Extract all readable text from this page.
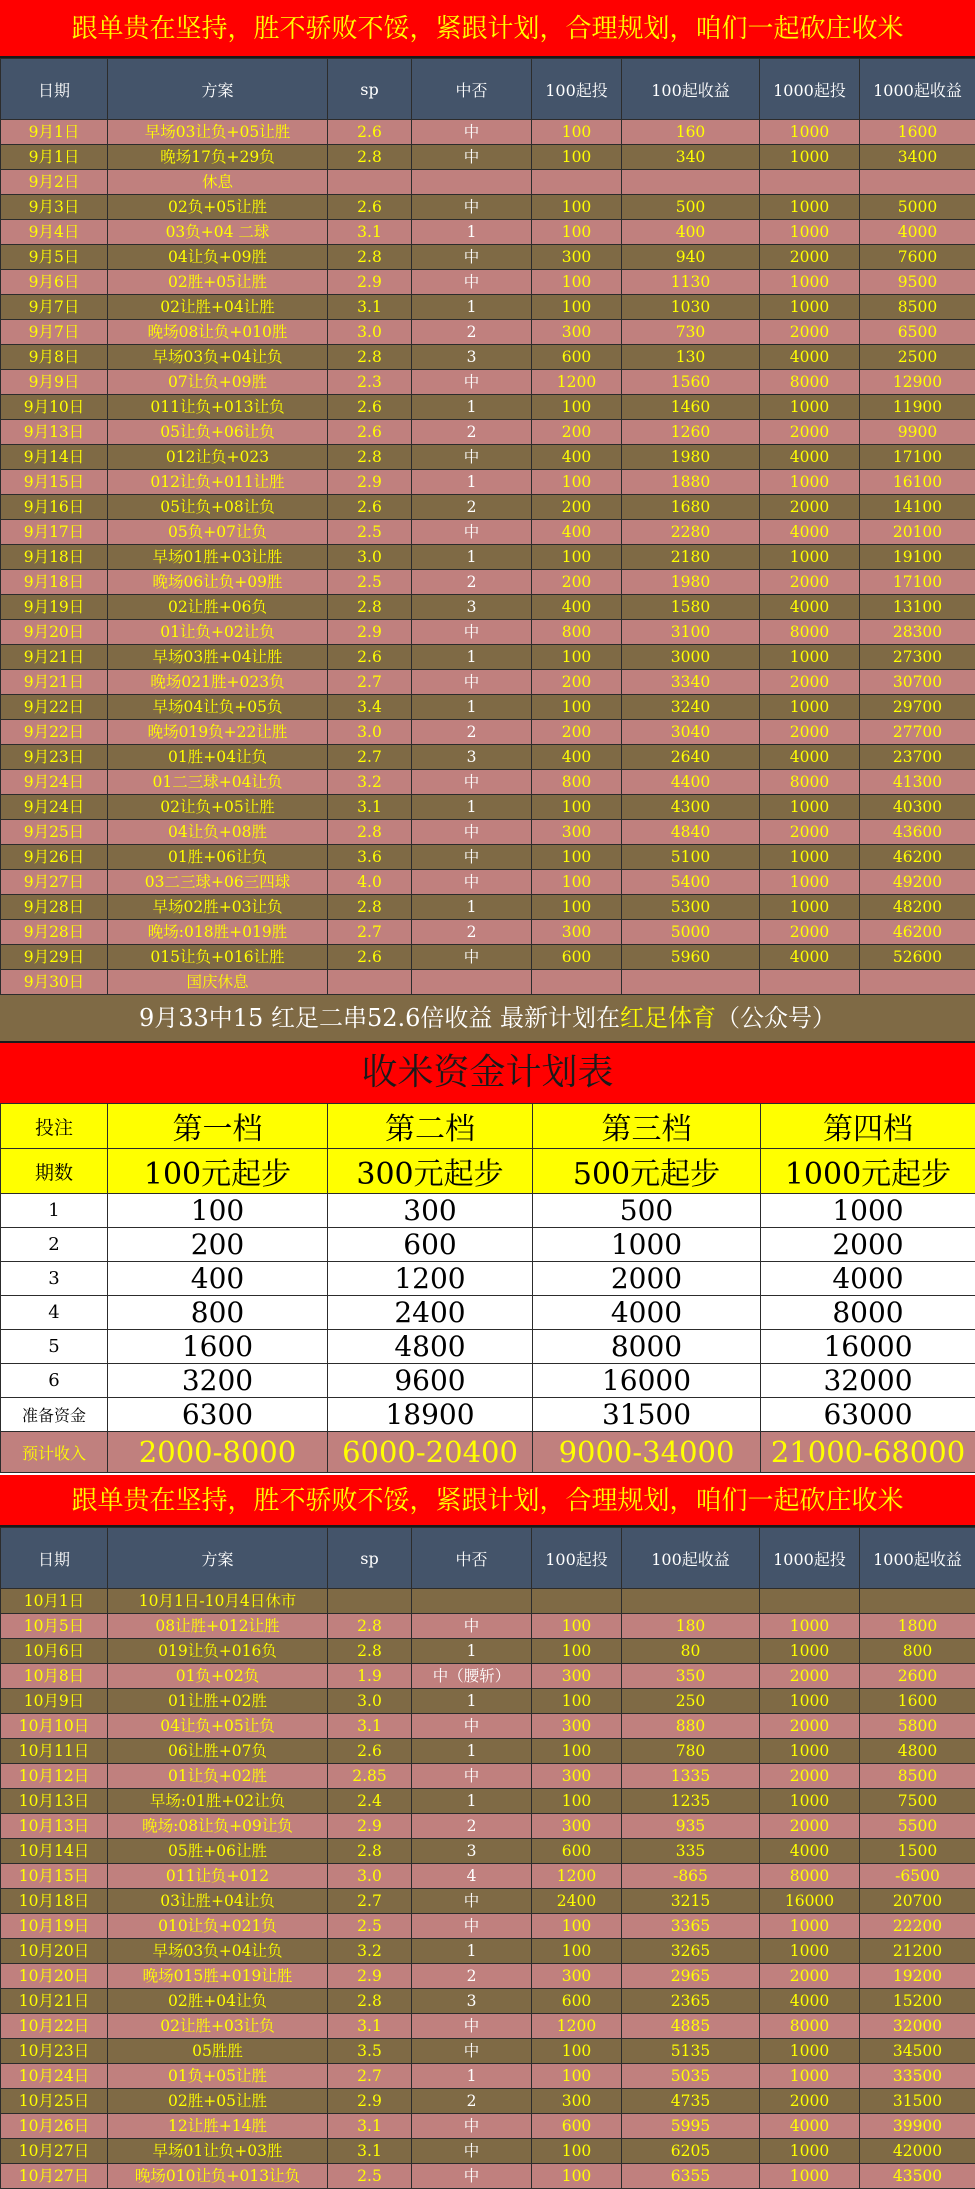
跟单贵在坚持，胜不骄败不馁，紧跟计划，合理规划，咱们一起砍庄收米
日期	方案	sp	中否	100起投	100起收益	1000起投	1000起收益
9月1日	早场03让负+05让胜	2.6	中	100	160	1000	1600
9月1日	晚场17负+29负	2.8	中	100	340	1000	3400
9月2日	休息						
9月3日	02负+05让胜	2.6	中	100	500	1000	5000
9月4日	03负+04 二球	3.1	1	100	400	1000	4000
9月5日	04让负+09胜	2.8	中	300	940	2000	7600
9月6日	02胜+05让胜	2.9	中	100	1130	1000	9500
9月7日	02让胜+04让胜	3.1	1	100	1030	1000	8500
9月7日	晚场08让负+010胜	3.0	2	300	730	2000	6500
9月8日	早场03负+04让负	2.8	3	600	130	4000	2500
9月9日	07让负+09胜	2.3	中	1200	1560	8000	12900
9月10日	011让负+013让负	2.6	1	100	1460	1000	11900
9月13日	05让负+06让负	2.6	2	200	1260	2000	9900
9月14日	012让负+023	2.8	中	400	1980	4000	17100
9月15日	012让负+011让胜	2.9	1	100	1880	1000	16100
9月16日	05让负+08让负	2.6	2	200	1680	2000	14100
9月17日	05负+07让负	2.5	中	400	2280	4000	20100
9月18日	早场01胜+03让胜	3.0	1	100	2180	1000	19100
9月18日	晚场06让负+09胜	2.5	2	200	1980	2000	17100
9月19日	02让胜+06负	2.8	3	400	1580	4000	13100
9月20日	01让负+02让负	2.9	中	800	3100	8000	28300
9月21日	早场03胜+04让胜	2.6	1	100	3000	1000	27300
9月21日	晚场021胜+023负	2.7	中	200	3340	2000	30700
9月22日	早场04让负+05负	3.4	1	100	3240	1000	29700
9月22日	晚场019负+22让胜	3.0	2	200	3040	2000	27700
9月23日	01胜+04让负	2.7	3	400	2640	4000	23700
9月24日	01二三球+04让负	3.2	中	800	4400	8000	41300
9月24日	02让负+05让胜	3.1	1	100	4300	1000	40300
9月25日	04让负+08胜	2.8	中	300	4840	2000	43600
9月26日	01胜+06让负	3.6	中	100	5100	1000	46200
9月27日	03二三球+06三四球	4.0	中	100	5400	1000	49200
9月28日	早场02胜+03让负	2.8	1	100	5300	1000	48200
9月28日	晚场:018胜+019胜	2.7	2	300	5000	2000	46200
9月29日	015让负+016让胜	2.6	中	600	5960	4000	52600
9月30日	国庆休息						
9月33中15 红足二串52.6倍收益 最新计划在红足体育（公众号）
收米资金计划表
投注	第一档	第二档	第三档	第四档
期数	100元起步	300元起步	500元起步	1000元起步
1	100	300	500	1000
2	200	600	1000	2000
3	400	1200	2000	4000
4	800	2400	4000	8000
5	1600	4800	8000	16000
6	3200	9600	16000	32000
准备资金	6300	18900	31500	63000
预计收入	2000-8000	6000-20400	9000-34000	21000-68000
跟单贵在坚持，胜不骄败不馁，紧跟计划，合理规划，咱们一起砍庄收米
日期	方案	sp	中否	100起投	100起收益	1000起投	1000起收益
10月1日	10月1日-10月4日休市						
10月5日	08让胜+012让胜	2.8	中	100	180	1000	1800
10月6日	019让负+016负	2.8	1	100	80	1000	800
10月8日	01负+02负	1.9	中（腰斩）	300	350	2000	2600
10月9日	01让胜+02胜	3.0	1	100	250	1000	1600
10月10日	04让负+05让负	3.1	中	300	880	2000	5800
10月11日	06让胜+07负	2.6	1	100	780	1000	4800
10月12日	01让负+02胜	2.85	中	300	1335	2000	8500
10月13日	早场:01胜+02让负	2.4	1	100	1235	1000	7500
10月13日	晚场:08让负+09让负	2.9	2	300	935	2000	5500
10月14日	05胜+06让胜	2.8	3	600	335	4000	1500
10月15日	011让负+012	3.0	4	1200	-865	8000	-6500
10月18日	03让胜+04让负	2.7	中	2400	3215	16000	20700
10月19日	010让负+021负	2.5	中	100	3365	1000	22200
10月20日	早场03负+04让负	3.2	1	100	3265	1000	21200
10月20日	晚场015胜+019让胜	2.9	2	300	2965	2000	19200
10月21日	02胜+04让负	2.8	3	600	2365	4000	15200
10月22日	02让胜+03让负	3.1	中	1200	4885	8000	32000
10月23日	05胜胜	3.5	中	100	5135	1000	34500
10月24日	01负+05让胜	2.7	1	100	5035	1000	33500
10月25日	02胜+05让胜	2.9	2	300	4735	2000	31500
10月26日	12让胜+14胜	3.1	中	600	5995	4000	39900
10月27日	早场01让负+03胜	3.1	中	100	6205	1000	42000
10月27日	晚场010让负+013让负	2.5	中	100	6355	1000	43500
